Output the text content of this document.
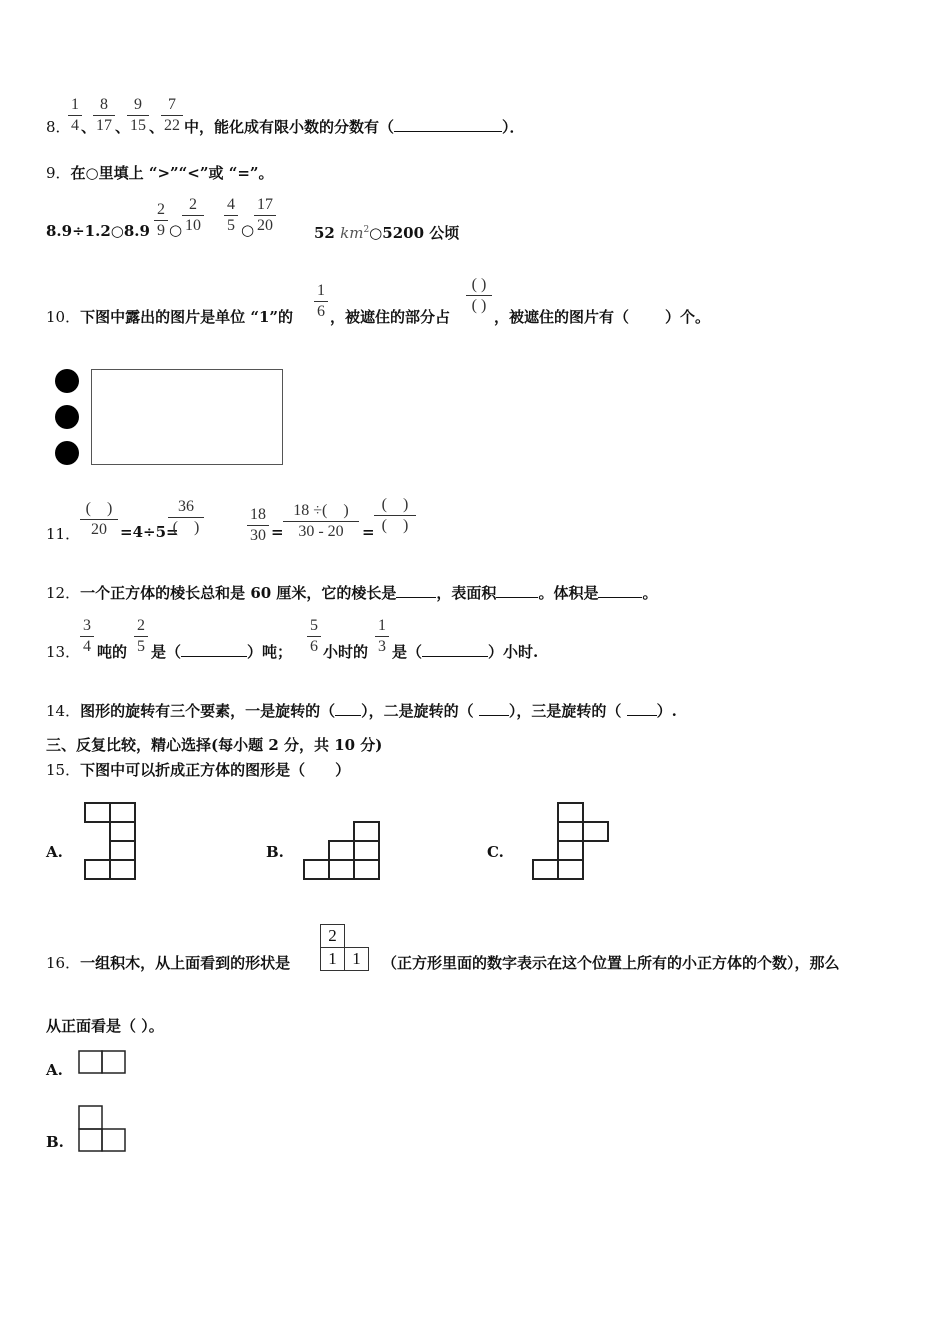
8．
1
4 、
8
17 、
9
15 、
7
22 中，能化成有限小数的分数有（	）．
9．在○里填上 “>”“<”或 “=”。
8.9÷1.2○8.9
2
9 ○
2
10
4
5 ○
17
20	52 $km^2○5200$ 公顷
10．下图中露出的图片是单位 “1”的
1
6 ，被遮住的部分占
( )
( )
，被遮住的图片有（ ）个。
11．
(　)
20 =4÷5=
36
(　)
18
30 =
18 ÷(　)
30 - 20	=
(　)
(　)
12．一个正方体的棱长总和是 60 厘米，它的棱长是	，表面积	。体积是	。
13．
3
4 吨的
2
5 是（	）吨；
5
6 小时的
1
3 是（	）小时.
14．图形的旋转有三个要素，一是旋转的（ ），二是旋转的（ ），三是旋转的（ ）.
三、反复比较，精心选择(每小题 2 分，共 10 分)
15．下图中可以折成正方体的图形是（　　）
A.	B.	C.
16．一组积木，从上面看到的形状是
2
1 1	（正方形里面的数字表示在这个位置上所有的小正方体的个数），那么
从正面看是（ ）。
A.
B.
